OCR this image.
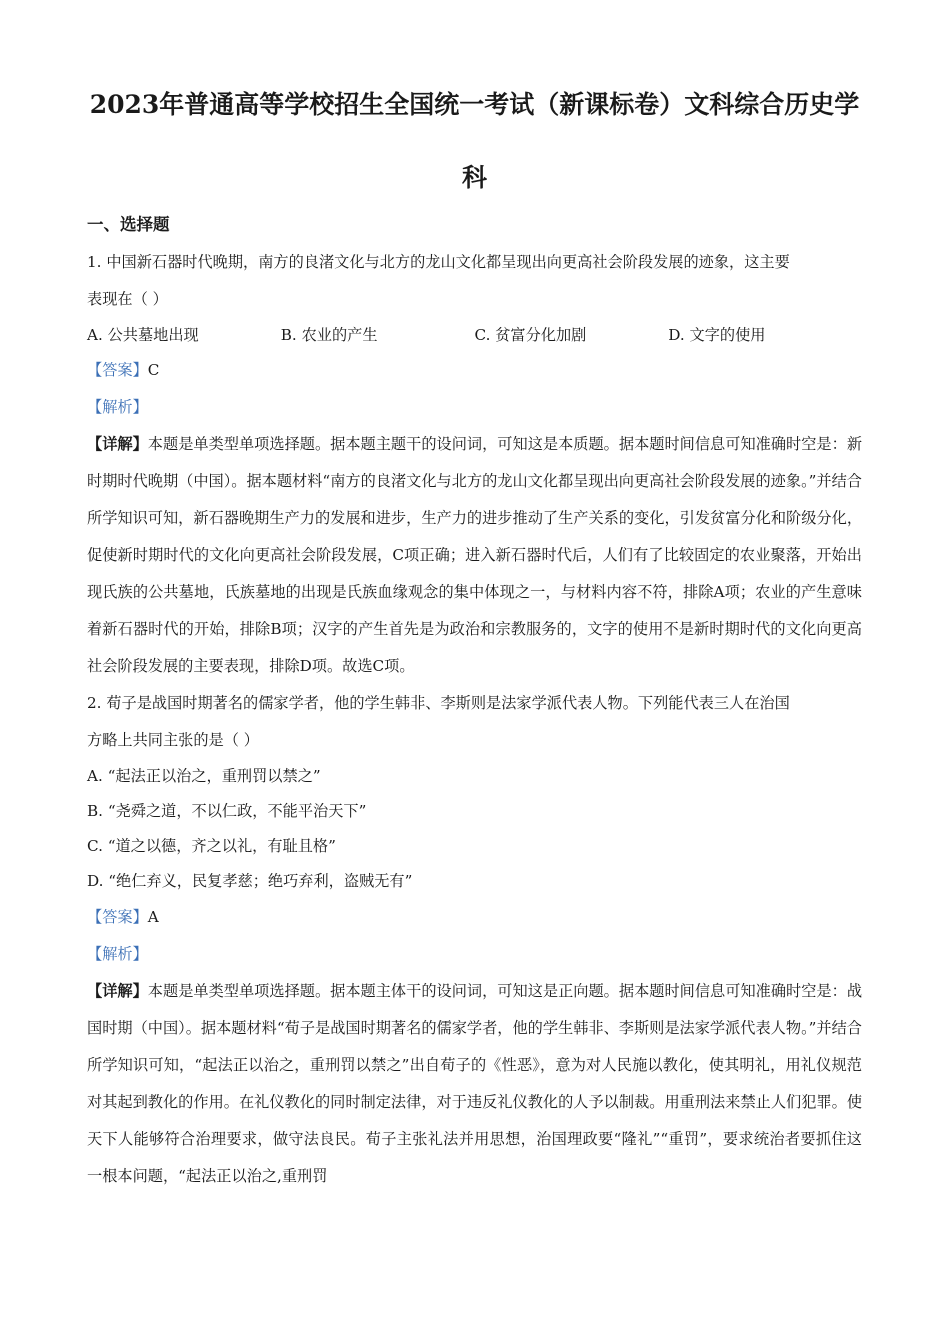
2023年普通高等学校招生全国统一考试（新课标卷）文科综合历史学
科
一、选择题
1. 中国新石器时代晚期，南方的良渚文化与北方的龙山文化都呈现出向更高社会阶段发展的迹象，这主要
表现在（ ）
A. 公共墓地出现	B. 农业的产生	C. 贫富分化加剧	D. 文字的使用
【答案】C
【解析】
【详解】本题是单类型单项选择题。据本题主题干的设问词，可知这是本质题。据本题时间信息可知准确时空是：新时期时代晚期（中国）。据本题材料“南方的良渚文化与北方的龙山文化都呈现出向更高社会阶段发展的迹象。”并结合所学知识可知，新石器晚期生产力的发展和进步，生产力的进步推动了生产关系的变化，引发贫富分化和阶级分化，促使新时期时代的文化向更高社会阶段发展，C项正确；进入新石器时代后，人们有了比较固定的农业聚落，开始出现氏族的公共墓地，氏族墓地的出现是氏族血缘观念的集中体现之一，与材料内容不符，排除A项；农业的产生意味着新石器时代的开始，排除B项；汉字的产生首先是为政治和宗教服务的，文字的使用不是新时期时代的文化向更高社会阶段发展的主要表现，排除D项。故选C项。
2. 荀子是战国时期著名的儒家学者，他的学生韩非、李斯则是法家学派代表人物。下列能代表三人在治国
方略上共同主张的是（ ）
A. “起法正以治之，重刑罚以禁之”
B. “尧舜之道，不以仁政，不能平治天下”
C. “道之以德，齐之以礼，有耻且格”
D. “绝仁弃义，民复孝慈；绝巧弃利，盗贼无有”
【答案】A
【解析】
【详解】本题是单类型单项选择题。据本题主体干的设问词，可知这是正向题。据本题时间信息可知准确时空是：战国时期（中国）。据本题材料“荀子是战国时期著名的儒家学者，他的学生韩非、李斯则是法家学派代表人物。”并结合所学知识可知，“起法正以治之，重刑罚以禁之”出自荀子的《性恶》，意为对人民施以教化，使其明礼，用礼仪规范对其起到教化的作用。在礼仪教化的同时制定法律，对于违反礼仪教化的人予以制裁。用重刑法来禁止人们犯罪。使天下人能够符合治理要求，做守法良民。荀子主张礼法并用思想，治国理政要“隆礼”“重罚”，要求统治者要抓住这一根本问题，“起法正以治之,重刑罚
